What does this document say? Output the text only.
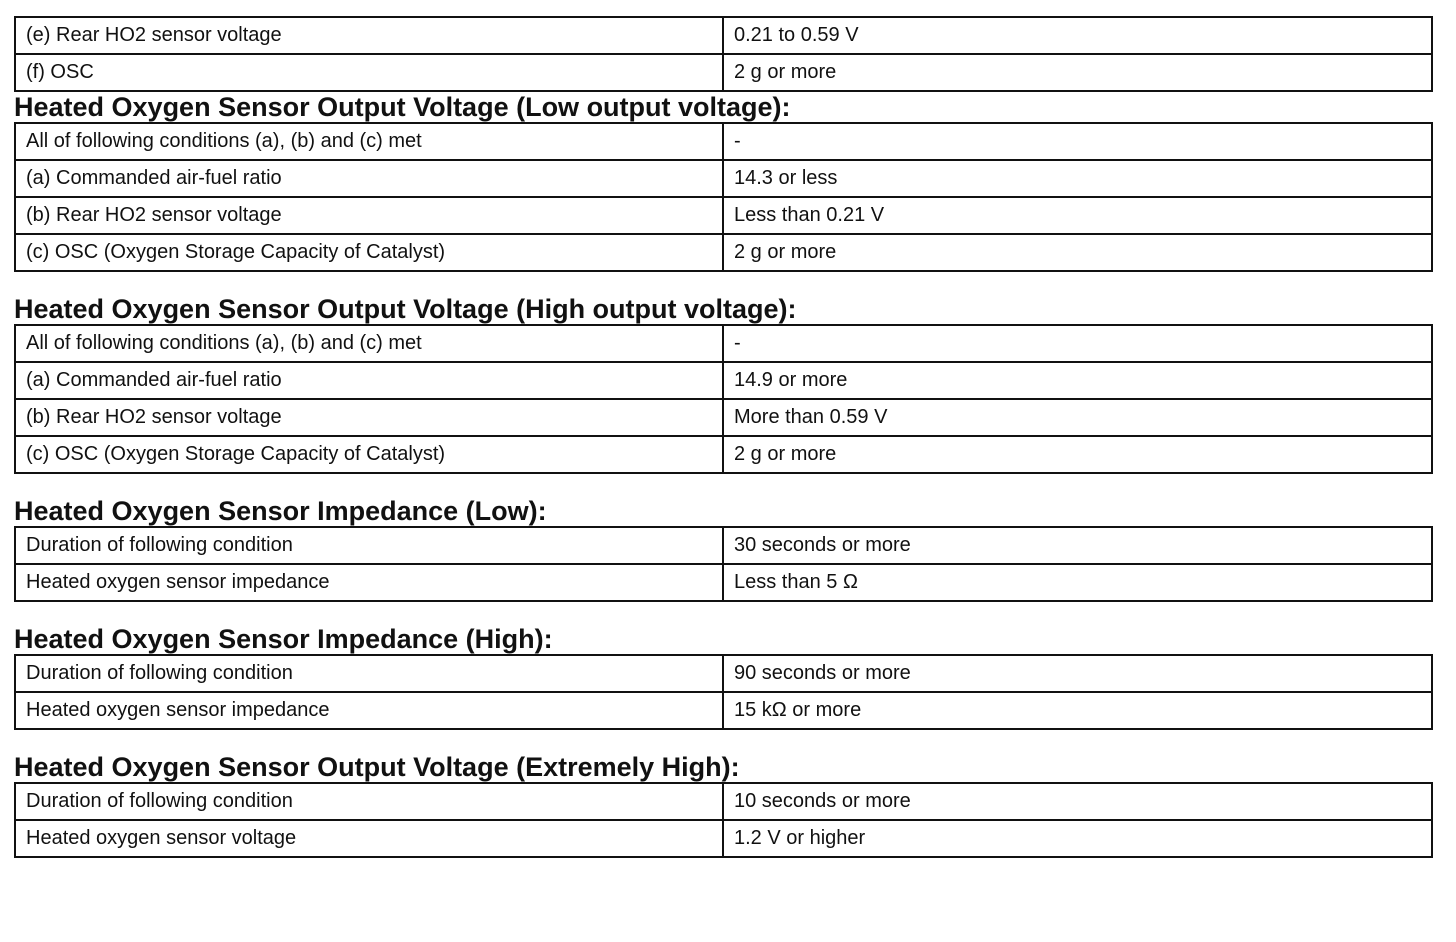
(e) Rear HO2 sensor voltage	0.21 to 0.59 V
(f) OSC	2 g or more
Heated Oxygen Sensor Output Voltage (Low output voltage):
All of following conditions (a), (b) and (c) met	-
(a) Commanded air-fuel ratio	14.3 or less
(b) Rear HO2 sensor voltage	Less than 0.21 V
(c) OSC (Oxygen Storage Capacity of Catalyst)	2 g or more
Heated Oxygen Sensor Output Voltage (High output voltage):
All of following conditions (a), (b) and (c) met	-
(a) Commanded air-fuel ratio	14.9 or more
(b) Rear HO2 sensor voltage	More than 0.59 V
(c) OSC (Oxygen Storage Capacity of Catalyst)	2 g or more
Heated Oxygen Sensor Impedance (Low):
Duration of following condition	30 seconds or more
Heated oxygen sensor impedance	Less than 5 Ω
Heated Oxygen Sensor Impedance (High):
Duration of following condition	90 seconds or more
Heated oxygen sensor impedance	15 kΩ or more
Heated Oxygen Sensor Output Voltage (Extremely High):
Duration of following condition	10 seconds or more
Heated oxygen sensor voltage	1.2 V or higher
